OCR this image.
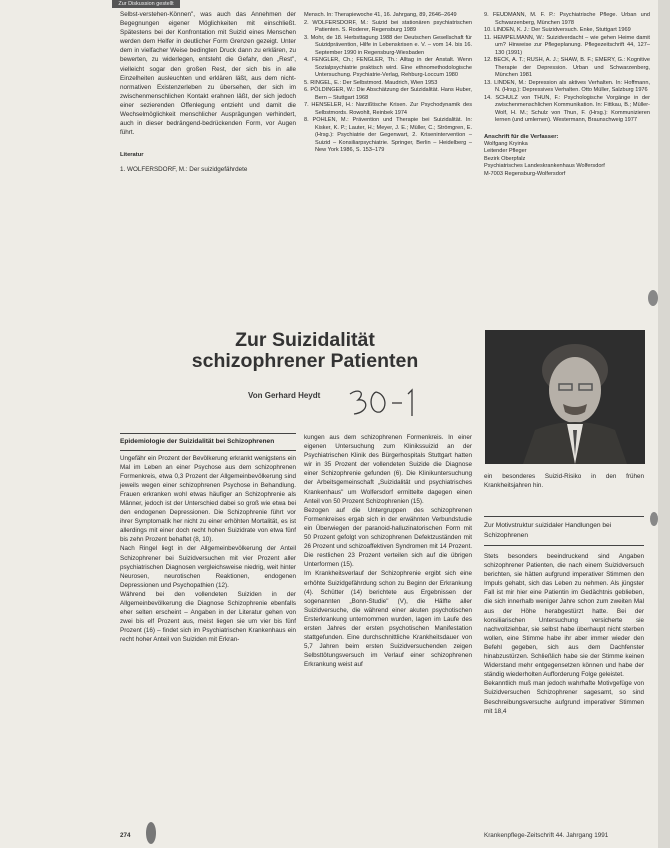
Zur Diskussion gestellt

Selbst-verstehen-Können", was auch das Annehmen der Begegnungen eigener Möglichkeiten mit einschließt. Spätestens bei der Konfrontation mit Suizid eines Menschen werden dem Helfer in deutlicher Form Grenzen gezeigt. Unter dem in vielfacher Weise bedingten Druck dann zu erklären, zu bewerten, zu widerlegen, entsteht die Gefahr, den „Rest", vielleicht sogar den großen Rest, der sich bis in alle Einzelheiten ausleuchten und erklären läßt, aus dem nicht-normativen Existenzerleben zu übersehen, der sich im zwischenmenschlichen Kontakt erahnen läßt, der sich jedoch einer sezierenden Offenlegung entzieht und damit die Wechselmöglichkeit menschlicher Ausprägungen verhindert, auch in dieser bedrängend-bedrückenden Form, vor Augen führt.

Literatur

1. WOLFERSDORF, M.: Der suizidgefährdete

Mensch. In: Therapiewoche 41, 16. Jahrgang, 89, 2646–2649

2. WOLFERSDORF, M.: Suizid bei stationären psychiatrischen Patienten. S. Roderer, Regensburg 1989

3. Mohr, de 18. Herbsttagung 1988 der Deutschen Gesellschaft für Suizidprävention, Hilfe in Lebenskrisen e. V. – vom 14. bis 16. September 1990 in Regensburg-Wiesbaden

4. FENGLER, Ch.; FENGLER, Th.: Alltag in der Anstalt. Wenn Sozialpsychiatrie praktisch wird. Eine ethnomethodologische Untersuchung. Psychiatrie-Verlag, Rehburg-Loccum 1980

5. RINGEL, E.: Der Selbstmord. Maudrich, Wien 1953

6. PÖLDINGER, W.: Die Abschätzung der Suizidalität. Hans Huber, Bern – Stuttgart 1968

7. HENSELER, H.: Narzißtische Krisen. Zur Psychodynamik des Selbstmords. Rowohlt, Reinbek 1974

8. POHLEN, M.: Prävention und Therapie bei Suizidalität. In: Kisker, K. P.; Lauter, H.; Meyer, J. E.; Müller, C.; Strömgren, E. (Hrsg.): Psychiatrie der Gegenwart, 2. Krisenintervention – Suizid – Konsiliarpsychiatrie. Springer, Berlin – Heidelberg – New York 1986, S. 153–179

9. FEUDMANN, M. F. P.: Psychiatrische Pflege. Urban und Schwarzenberg, München 1978

10. LINDEN, K. J.: Der Suizidversuch. Enke, Stuttgart 1969

11. HEMPELMANN, W.: Suizidverdacht – wie gehen Heime damit um? Hinweise zur Pflegeplanung. Pflegezeitschrift 44, 127–130 (1991)

12. BECK, A. T.; RUSH, A. J.; SHAW, B. F.; EMERY, G.: Kognitive Therapie der Depression. Urban und Schwarzenberg, München 1981

13. LINDEN, M.: Depression als aktives Verhalten. In: Hoffmann, N. (Hrsg.): Depressives Verhalten. Otto Müller, Salzburg 1976

14. SCHULZ von THUN, F.: Psychologische Vorgänge in der zwischenmenschlichen Kommunikation. In: Fittkau, B.; Müller-Wolf, H. M.; Schulz von Thun, F. (Hrsg.): Kommunizieren lernen (und umlernen). Westermann, Braunschweig 1977

Anschrift für die Verfasser:

Wolfgang Kryinka

Leitender Pfleger

Bezirk Oberpfalz

Psychiatrisches Landeskrankenhaus Wolfersdorf

M-7003 Regensburg-Wolfersdorf

Zur Suizidalität schizophrener Patienten
Von Gerhard Heydt

Epidemiologie der Suizidalität bei Schizophrenen

Ungefähr ein Prozent der Bevölkerung erkrankt wenigstens ein Mal im Leben an einer Psychose aus dem schizophrenen Formenkreis, etwa 0,3 Prozent der Allgemeinbevölkerung sind jeweils wegen einer schizophrenen Psychose in Behandlung. Frauen erkranken wohl etwas häufiger an Schizophrenie als Männer, jedoch ist der Unterschied dabei so groß wie etwa bei den endogenen Depressionen. Die Schizophrenie führt vor ihrer Symptomatik her nicht zu einer erhöhten Mortalität, es ist allerdings mit einer doch recht hohen Suizidrate von etwa fünf bis zehn Prozent behaftet (8, 10).

Nach Ringel liegt in der Allgemeinbevölkerung der Anteil Schizophrener bei Suizidversuchen mit vier Prozent aller psychiatrischen Diagnosen vergleichsweise niedrig, weit hinter Neurosen, neurotischen Reaktionen, endogenen Depressionen und Psychopathien (12).

Während bei den vollendeten Suiziden in der Allgemeinbevölkerung die Diagnose Schizophrenie ebenfalls eher selten erscheint – Angaben in der Literatur gehen von zwei bis elf Prozent aus, meist liegen sie um vier bis fünf Prozent (16) – findet sich im Psychiatrischen Krankenhaus ein recht hoher Anteil von Suiziden mit Erkran-

kungen aus dem schizophrenen Formenkreis. In einer eigenen Untersuchung zum Klinikssuizid an der Psychiatrischen Klinik des Bürgerhospitals Stuttgart hatten wir in 35 Prozent der vollendeten Suizide die Diagnose einer Schizophrenie gefunden (6). Die Klinikuntersuchung der Arbeitsgemeinschaft „Suizidalität und psychiatrisches Krankenhaus" um Wolfersdorf ermittelte dagegen einen Anteil von 50 Prozent Schizophrenien (15).

Bezogen auf die Untergruppen des schizophrenen Formenkreises ergab sich in der erwähnten Verbundstudie ein Überwiegen der paranoid-halluzinatorischen Form mit 50 Prozent gefolgt von schizophrenen Defektzuständen mit 26 Prozent und schizoaffektiven Syndromen mit 14 Prozent. Die restlichen 23 Prozent verteilen sich auf die übrigen Unterformen (15).

Im Krankheitsverlauf der Schizophrenie ergibt sich eine erhöhte Suizidgefährdung schon zu Beginn der Erkrankung (4). Schütter (14) berichtete aus Ergebnissen der sogenannten „Bonn-Studie" (V), die Hälfte aller Suizidversuche, die während einer akuten psychotischen Ersterkrankung unternommen wurden, lagen im Laufe des ersten Jahres der ersten psychotischen Manifestation stattgefunden. Eine durchschnittliche Krankheitsdauer von 5,7 Jahren beim ersten Suizidversuchenden zeigen Selbsttötungsversuch im Verlauf einer schizophrenen Erkrankung weist auf

ein besonderes Suizid-Risiko in den frühen Krankheitsjahren hin.

Zur Motivstruktur suizidaler Handlungen bei Schizophrenen

Stets besonders beeindruckend sind Angaben schizophrener Patienten, die nach einem Suizidversuch berichten, sie hätten aufgrund imperativer Stimmen den Impuls gehabt, sich das Leben zu nehmen. Als jüngster Fall ist mir hier eine Patientin im Gedächtnis geblieben, die sich innerhalb weniger Jahre schon zum zweiten Mal aus der Höhe herabgestürzt hatte. Bei der konsiliarischen Untersuchung versicherte sie nachvollziehbar, sie selbst habe überhaupt nicht sterben wollen, eine Stimme habe ihr aber immer wieder den Befehl gegeben, sich aus dem Dachfenster hinabzustürzen. Schließlich habe sie der Stimme keinen Widerstand mehr entgegensetzen können und habe der ständig wiederholten Aufforderung Folge geleistet.

Bekanntlich muß man jedoch wahrhafte Motivgefüge von Suizidversuchen Schizophrener sagesamt, so sind Beschreibungsversuche aufgrund imperativer Stimmen mit 18,4

274	Krankenpflege-Zeitschrift 44. Jahrgang 1991
